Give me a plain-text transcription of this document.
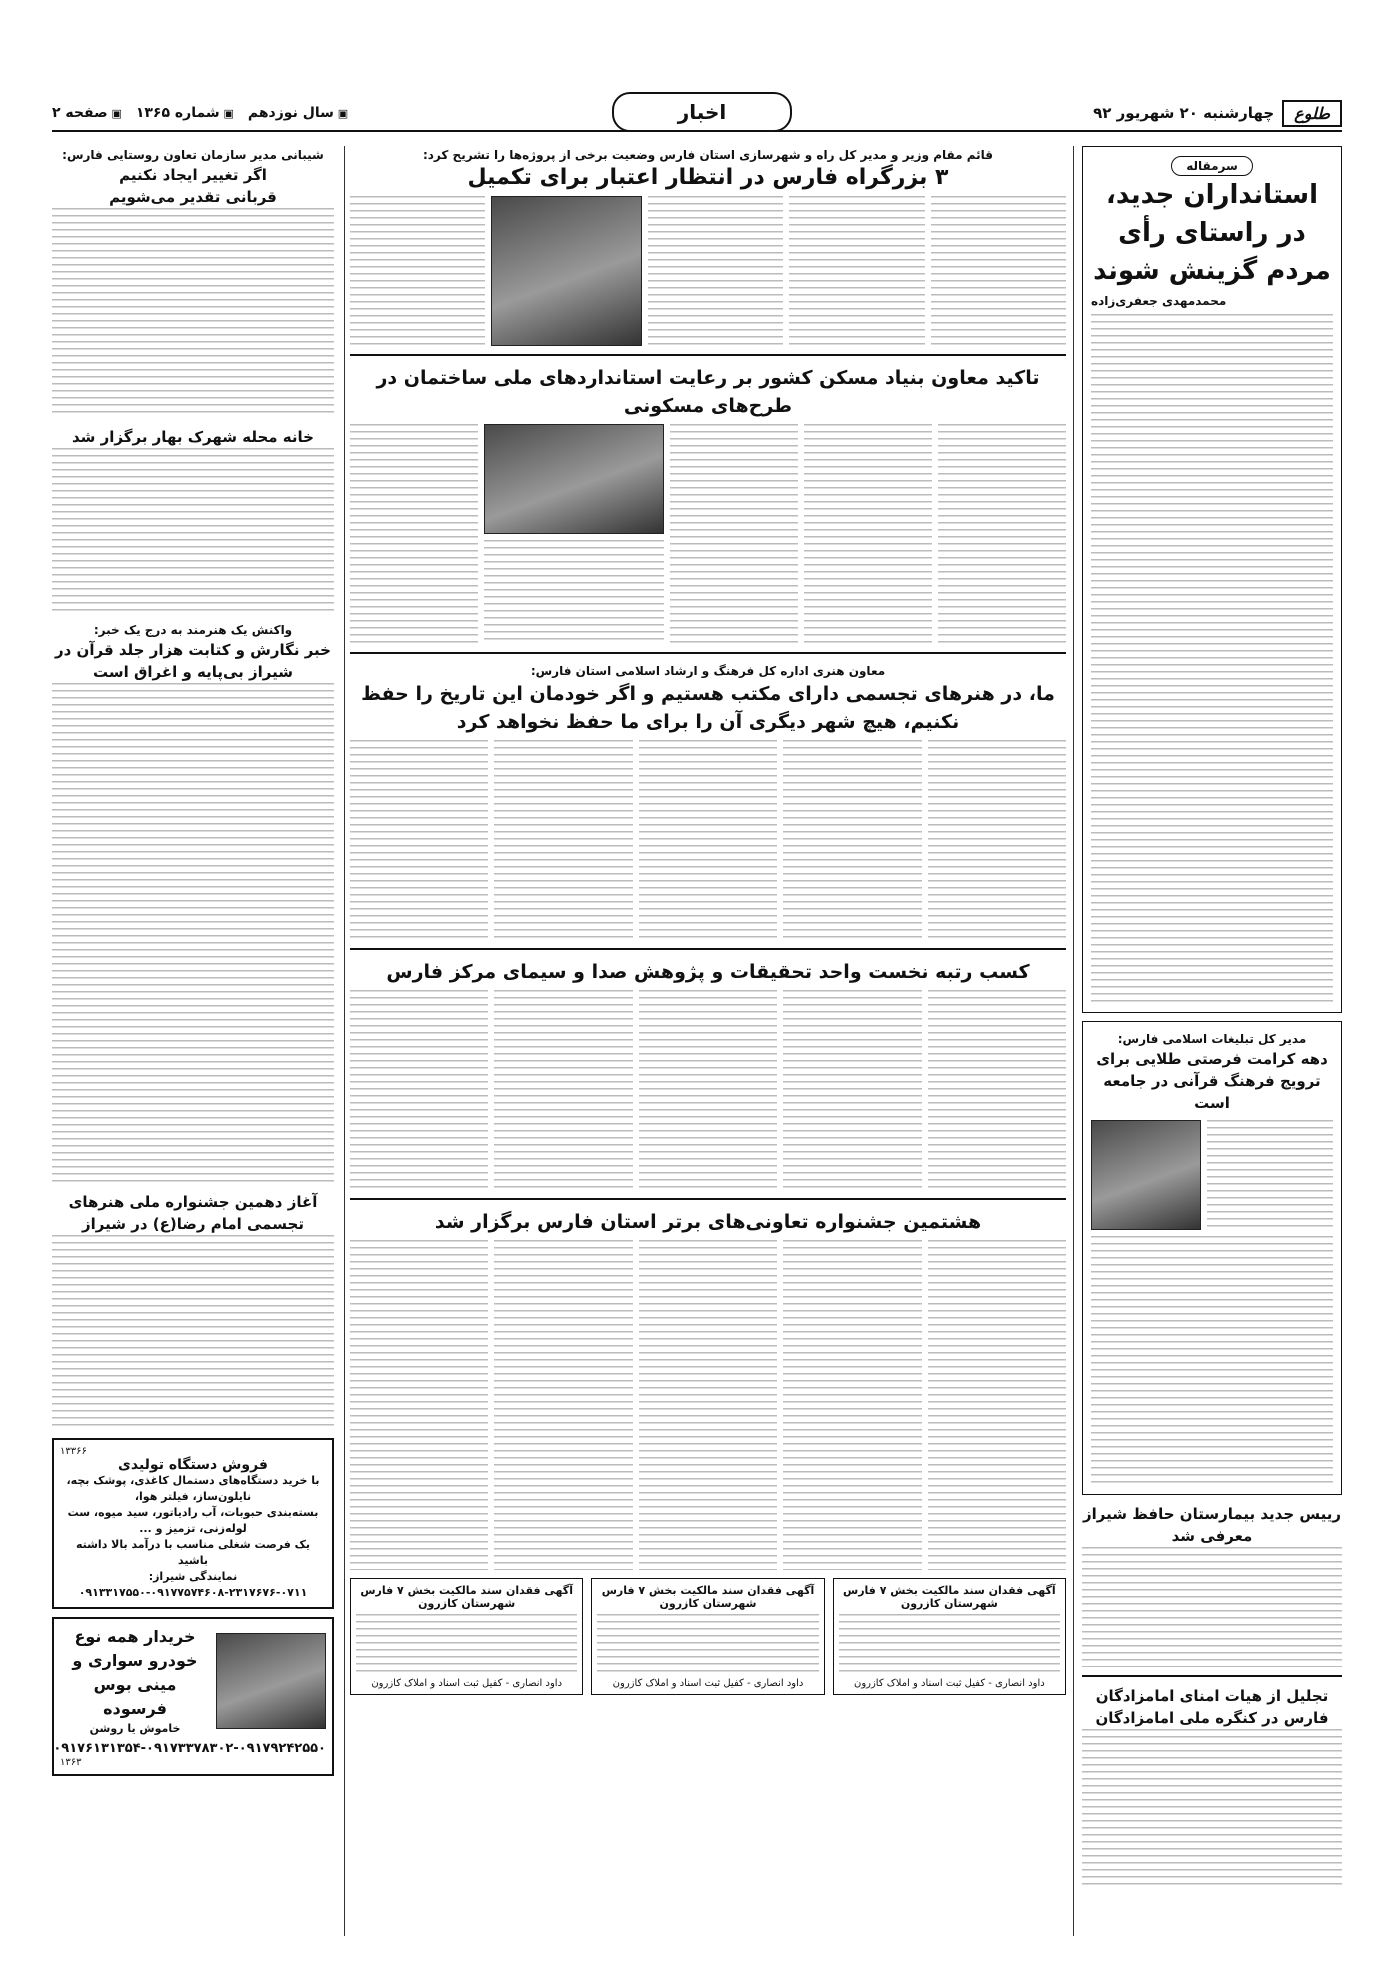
طلوع
چهارشنبه ۲۰ شهریور ۹۲
اخبار
▣ سال نوزدهم
▣ شماره ۱۳۶۵
▣ صفحه ۲
سرمقاله
استانداران جدید، در راستای رأی مردم گزینش شوند
محمدمهدی جعفری‌زاده
مدیر کل تبلیغات اسلامی فارس:
دهه کرامت فرصتی طلایی برای ترویج فرهنگ قرآنی در جامعه است
رییس جدید بیمارستان حافظ شیراز معرفی شد
تجلیل از هیات امنای امامزادگان فارس در کنگره ملی امامزادگان
قائم مقام وزیر و مدیر کل راه و شهرسازی استان فارس وضعیت برخی از پروژه‌ها را تشریح کرد:
۳ بزرگراه فارس در انتظار اعتبار برای تکمیل
تاکید معاون بنیاد مسکن کشور بر رعایت استانداردهای ملی ساختمان در طرح‌های مسکونی
معاون هنری اداره کل فرهنگ و ارشاد اسلامی استان فارس:
ما، در هنرهای تجسمی دارای مکتب هستیم و اگر خودمان این تاریخ را حفظ نکنیم، هیچ شهر دیگری آن را برای ما حفظ نخواهد کرد
کسب رتبه نخست واحد تحقیقات و پژوهش صدا و سیمای مرکز فارس
هشتمین جشنواره تعاونی‌های برتر استان فارس برگزار شد
آگهی فقدان سند مالکیت بخش ۷ فارس شهرستان کازرون
داود انصاری - کفیل ثبت اسناد و املاک کازرون
آگهی فقدان سند مالکیت بخش ۷ فارس شهرستان کازرون
داود انصاری - کفیل ثبت اسناد و املاک کازرون
آگهی فقدان سند مالکیت بخش ۷ فارس شهرستان کازرون
داود انصاری - کفیل ثبت اسناد و املاک کازرون
شیبانی مدیر سازمان تعاون روستایی فارس:
اگر تغییر ایجاد نکنیم
قربانی تقدیر می‌شویم
خانه محله شهرک بهار برگزار شد
واکنش یک هنرمند به درج یک خبر:
خبر نگارش و کتابت هزار جلد قرآن در شیراز بی‌پایه و اغراق است
آغاز دهمین جشنواره ملی هنرهای تجسمی امام رضا(ع) در شیراز
۱۳۳۶۶
فروش دستگاه تولیدی
با خرید دستگاه‌های دستمال کاغذی، پوشک بچه، نایلون‌ساز، فیلتر هوا،
بسته‌بندی حبوبات، آب رادیاتور، سید میوه، ست لوله‌زنی، تزمیز و ...
یک فرصت شغلی مناسب با درآمد بالا داشته باشید
نمایندگی شیراز: ۰۷۱۱-۲۳۱۷۶۷۶-۰۹۱۷۷۵۷۴۶۰۸-۰۹۱۳۳۱۷۵۵۰
خریدار همه نوع خودرو سواری و مینی بوس فرسوده
خاموش یا روشن
۰۹۱۷۶۱۳۱۳۵۴-۰۹۱۷۳۳۷۸۳۰۲-۰۹۱۷۹۲۴۲۵۵۰
۱۳۶۳
